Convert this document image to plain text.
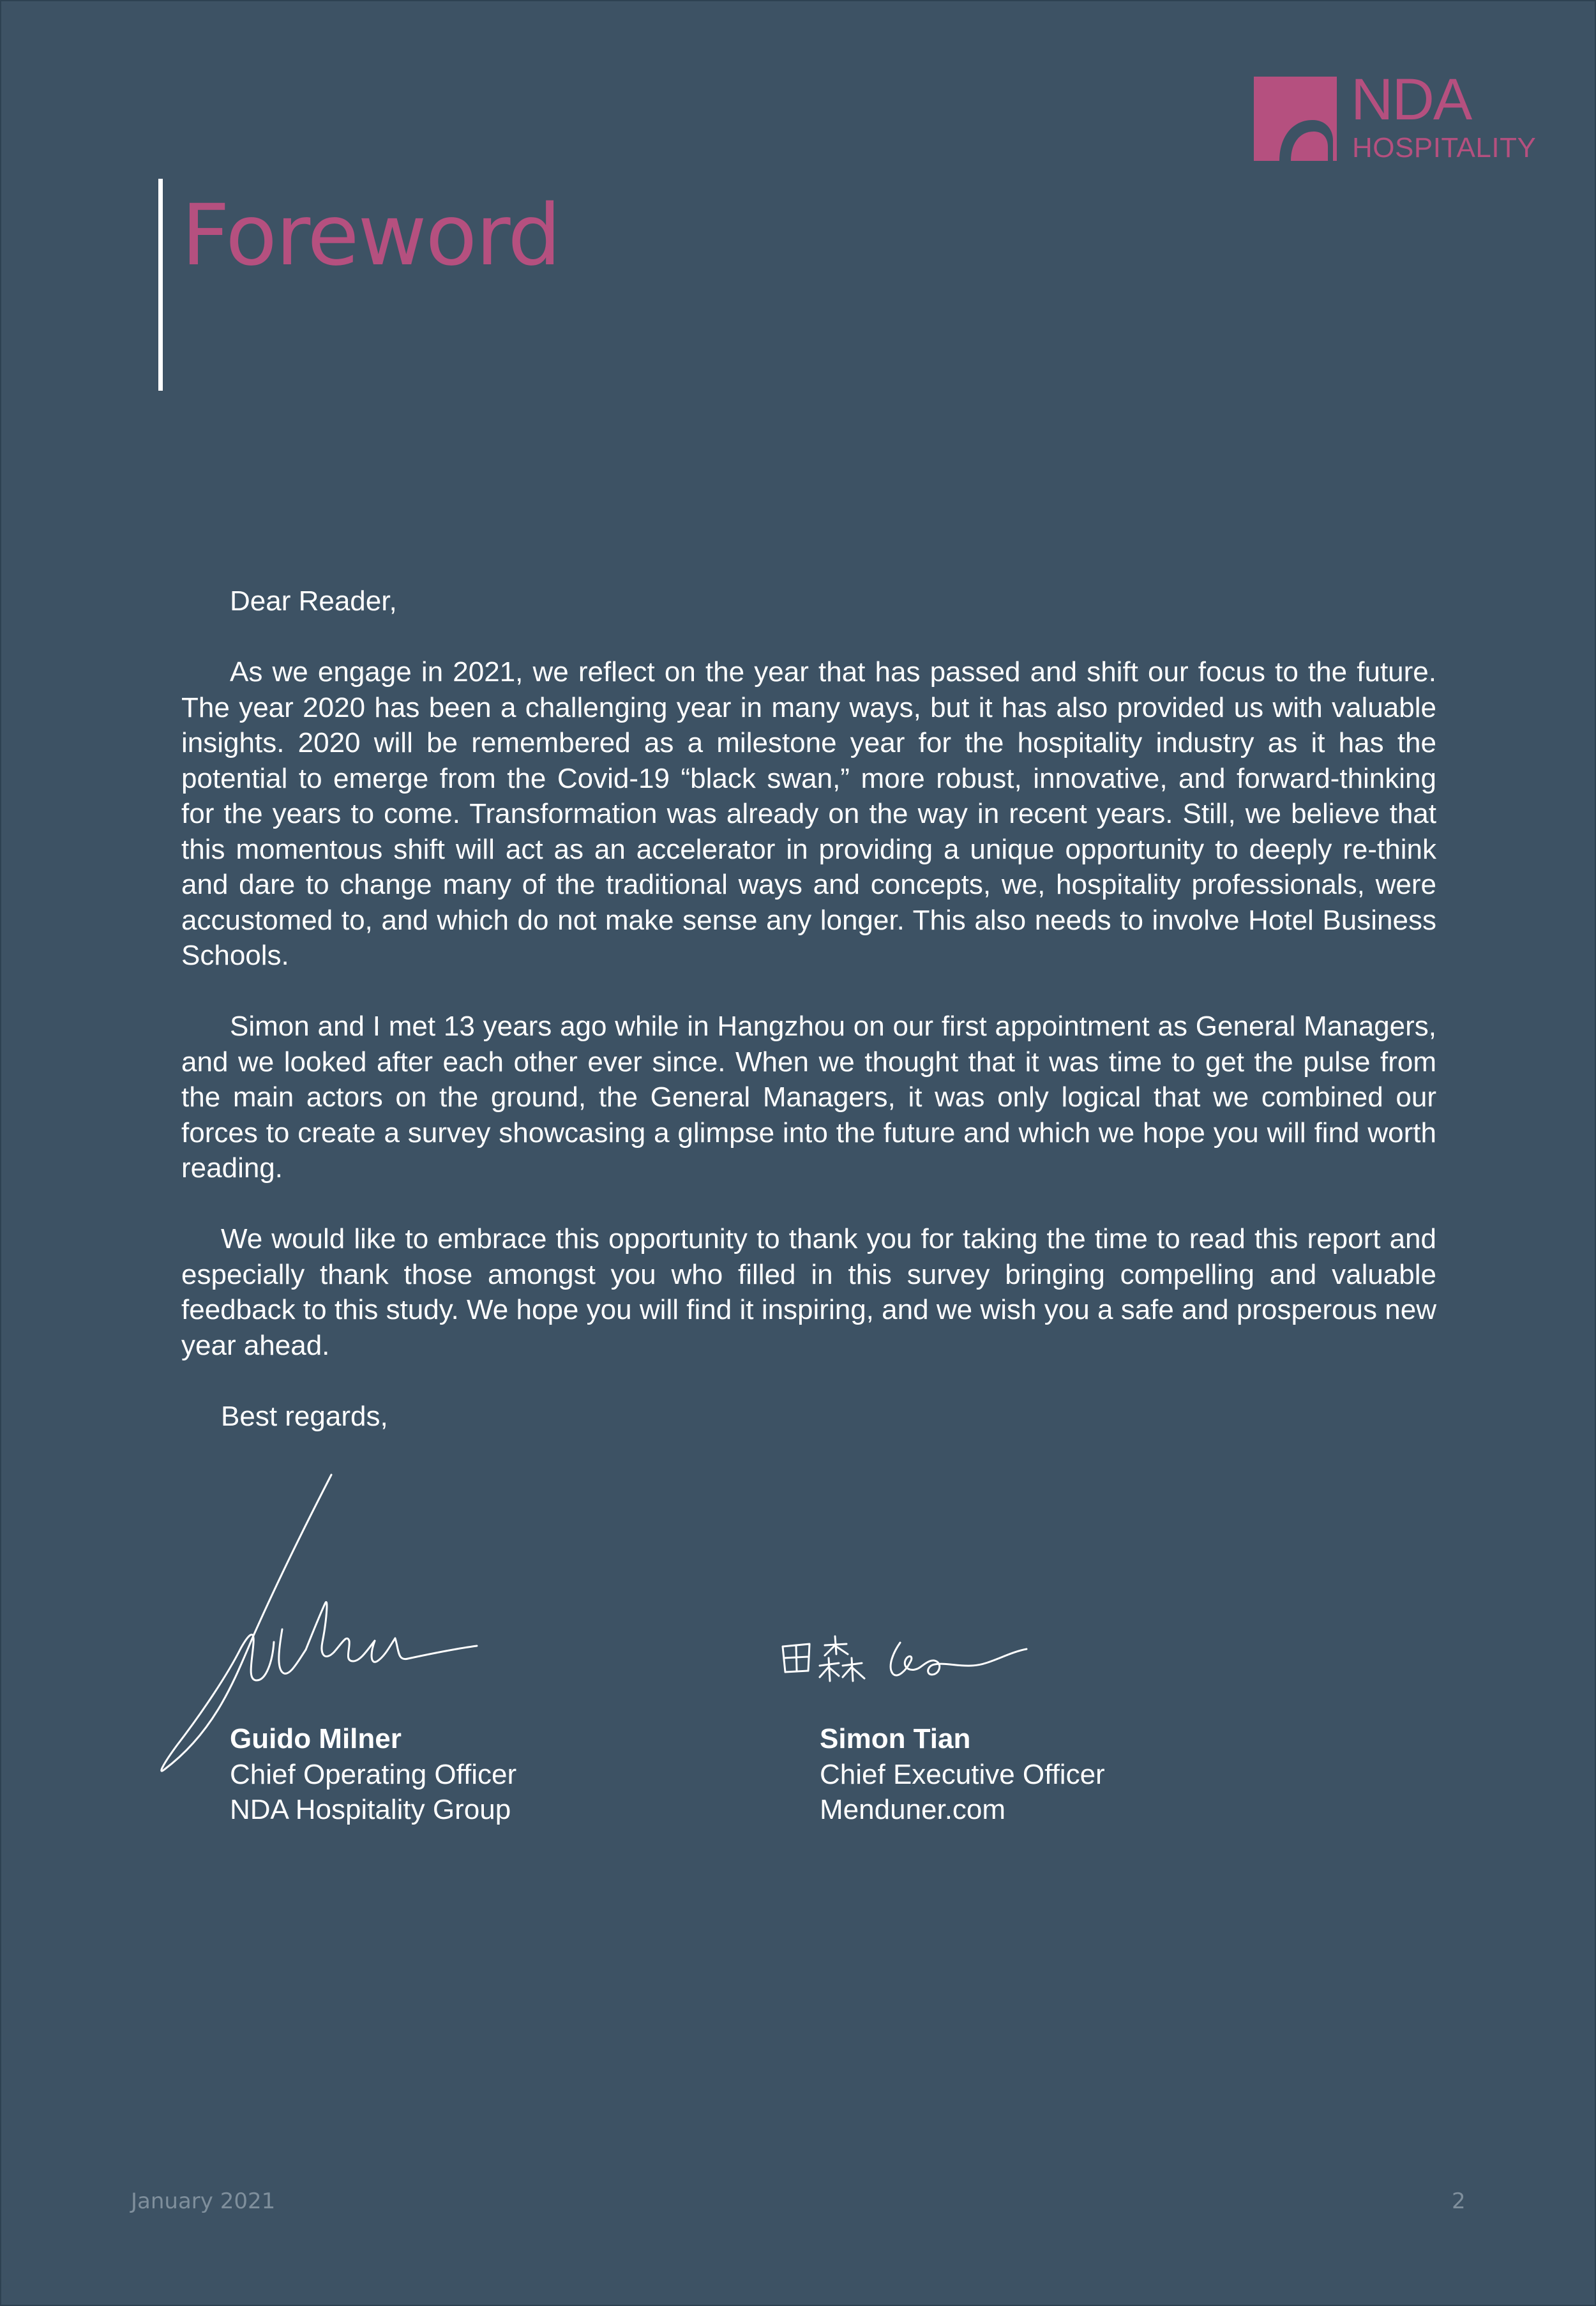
NDA
HOSPITALITY
Foreword

Dear Reader,

As we engage in 2021, we reflect on the year that has passed and shift our focus to the future. The year 2020 has been a challenging year in many ways, but it has also provided us with valuable insights. 2020 will be remembered as a milestone year for the hospitality industry as it has the potential to emerge from the Covid-19 “black swan,” more robust, innovative, and forward-thinking for the years to come. Transformation was already on the way in recent years. Still, we believe that this momentous shift will act as an accelerator in providing a unique opportunity to deeply re-think and dare to change many of the traditional ways and concepts, we, hospitality professionals, were accustomed to, and which do not make sense any longer. This also needs to involve Hotel Business Schools.

Simon and I met 13 years ago while in Hangzhou on our first appointment as General Managers, and we looked after each other ever since. When we thought that it was time to get the pulse from the main actors on the ground, the General Managers, it was only logical that we combined our forces to create a survey showcasing a glimpse into the future and which we hope you will find worth reading.

We would like to embrace this opportunity to thank you for taking the time to read this report and especially thank those amongst you who filled in this survey bringing compelling and valuable feedback to this study. We hope you will find it inspiring, and we wish you a safe and prosperous new year ahead.

Best regards,

Guido Milner
Chief Operating Officer
NDA Hospitality Group
Simon Tian
Chief Executive Officer
Menduner.com
January 2021	2
